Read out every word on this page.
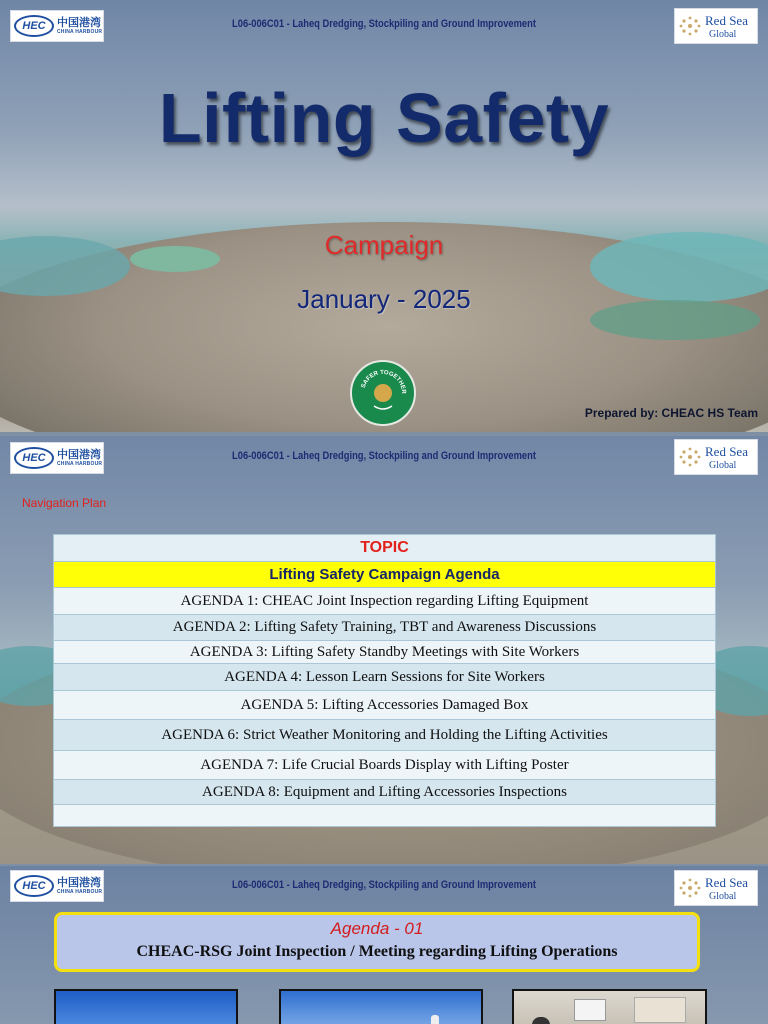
HEC	中国港湾
CHINA HARBOUR
L06-006C01 - Laheq Dredging, Stockpiling and Ground Improvement	Red Sea
Global
Lifting Safety
Campaign
January - 2025
SAFER TOGETHER
Prepared by: CHEAC HS Team
HEC	中国港湾
CHINA HARBOUR
L06-006C01 - Laheq Dredging, Stockpiling and Ground Improvement	Red Sea
Global
Navigation Plan
TOPIC
Lifting Safety Campaign Agenda
AGENDA 1: CHEAC Joint Inspection regarding Lifting Equipment
AGENDA 2: Lifting Safety Training, TBT and Awareness Discussions
AGENDA 3: Lifting Safety Standby Meetings with Site Workers
AGENDA 4: Lesson Learn Sessions for Site Workers
AGENDA 5: Lifting Accessories Damaged Box
AGENDA 6: Strict Weather Monitoring and Holding the Lifting Activities
AGENDA 7: Life Crucial Boards Display with Lifting Poster
AGENDA 8: Equipment and Lifting Accessories Inspections

HEC	中国港湾
CHINA HARBOUR
L06-006C01 - Laheq Dredging, Stockpiling and Ground Improvement	Red Sea
Global
Agenda - 01
CHEAC-RSG Joint Inspection / Meeting regarding Lifting Operations
